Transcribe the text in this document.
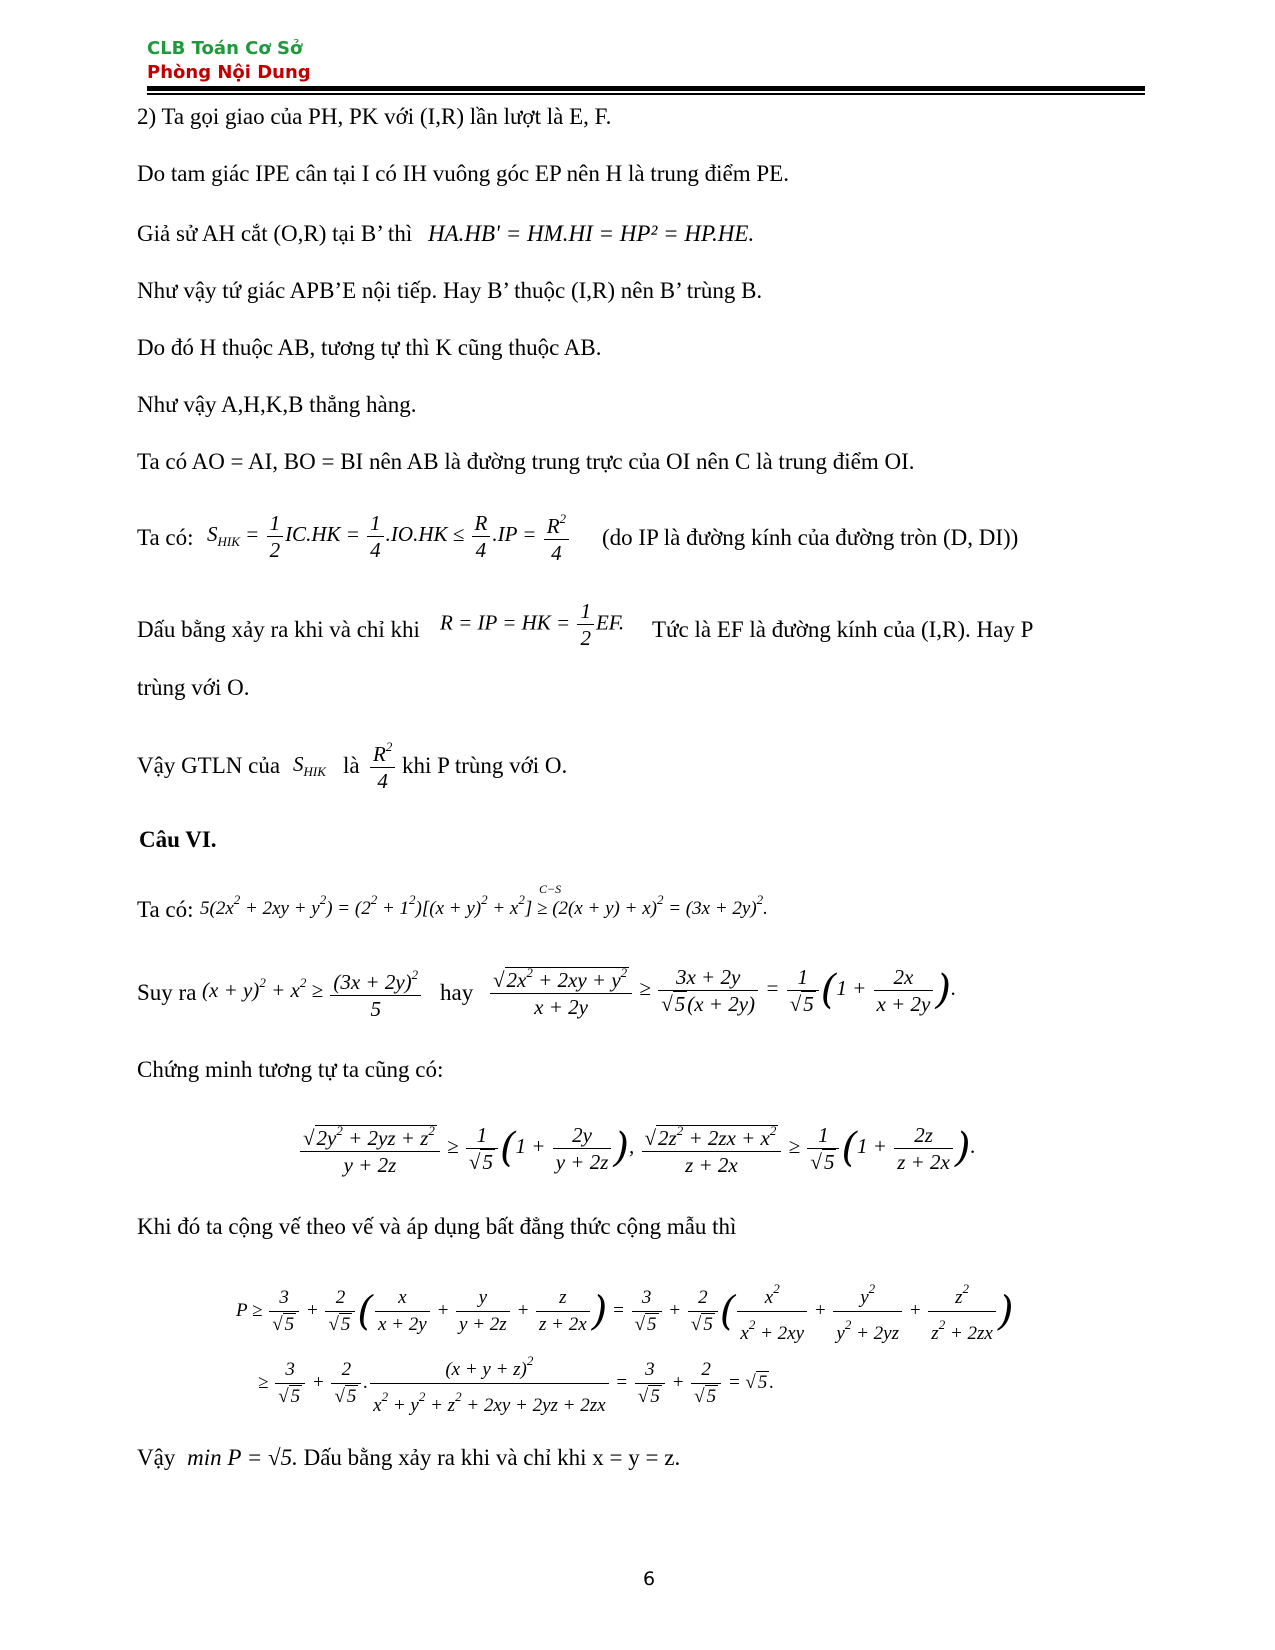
CLB Toán Cơ Sở
Phòng Nội Dung
2) Ta gọi giao của PH, PK với (I,R) lần lượt là E, F.
Do tam giác IPE cân tại I có IH vuông góc EP nên H là trung điểm PE.
Giả sử AH cắt (O,R) tại B’ thì HA.HB' = HM.HI = HP² = HP.HE.
Như vậy tứ giác APB’E nội tiếp. Hay B’ thuộc (I,R) nên B’ trùng B.
Do đó H thuộc AB, tương tự thì K cũng thuộc AB.
Như vậy A,H,K,B thẳng hàng.
Ta có AO = AI, BO = BI nên AB là đường trung trực của OI nên C là trung điểm OI.
Ta có: $S_{HIK} = \frac{1}{2} IC.HK = \frac{1}{4} .IO.HK \le \frac{R}{4} .IP = \frac{R^2}{4} (do$ IP là đường kính của đường tròn (D, DI))
Dấu bằng xảy ra khi và chỉ khi R = IP = HK = $\frac{1}{2}$ EF. Tức là EF là đường kính của (I,R). Hay P
trùng với O.
Vậy GTLN của $S_{HIK}$ là $\frac{R^2}{4}$ khi P trùng với O.
Câu VI.
Ta có: $5(2x^2 + 2xy + y^2) = (2^2 + 1^2)[(x + y)^2 + x^2]$ ≥
C−S
$(2(x + y) + x)^2 = (3x + 2y)^2$.
Suy ra $(x + y)^2 + x^2 \ge \frac{(3x + 2y)^2}{5}$ hay $\frac{√2x^2 + 2xy + y^2}{x + 2y} \ge \frac{3x + 2y}{√5(x + 2y)} = \frac{1}{√5} (1 + \frac{2x}{x + 2y}$ ).
Chứng minh tương tự ta cũng có:
$\frac{√2y^2 + 2yz + z^2}{y + 2z} \ge \frac{1}{√5} (1 + \frac{2y}{y + 2z}$ ), $\frac{√2z^2 + 2zx + x^2}{z + 2x} \ge \frac{1}{√5} (1 + \frac{2z}{z + 2x}$ ).
Khi đó ta cộng vế theo vế và áp dụng bất đẳng thức cộng mẫu thì
$P \ge \frac{3}{√ 5} + \frac{2}{√ 5}$ ( $\frac{x}{x + 2y} + \frac{y}{y + 2z} + \frac{z}{z + 2x}$ ) = $\frac{3}{√ 5} + \frac{2}{√ 5}$ ( $\frac{x^2}{x^2 + 2xy} + \frac{y^2}{y^2 + 2yz} + \frac{z^2}{z^2 + 2zx}$ )
≥ $\frac{3}{√ 5} + \frac{2}{√ 5}$ . $\frac{(x + y + z)^2}{x^2 + y^2 + z^2 + 2xy + 2yz + 2zx} = \frac{3}{√ 5} + \frac{2}{√ 5}$ = √ 5 .
Vậy min P = √5. Dấu bằng xảy ra khi và chỉ khi x = y = z.
6
